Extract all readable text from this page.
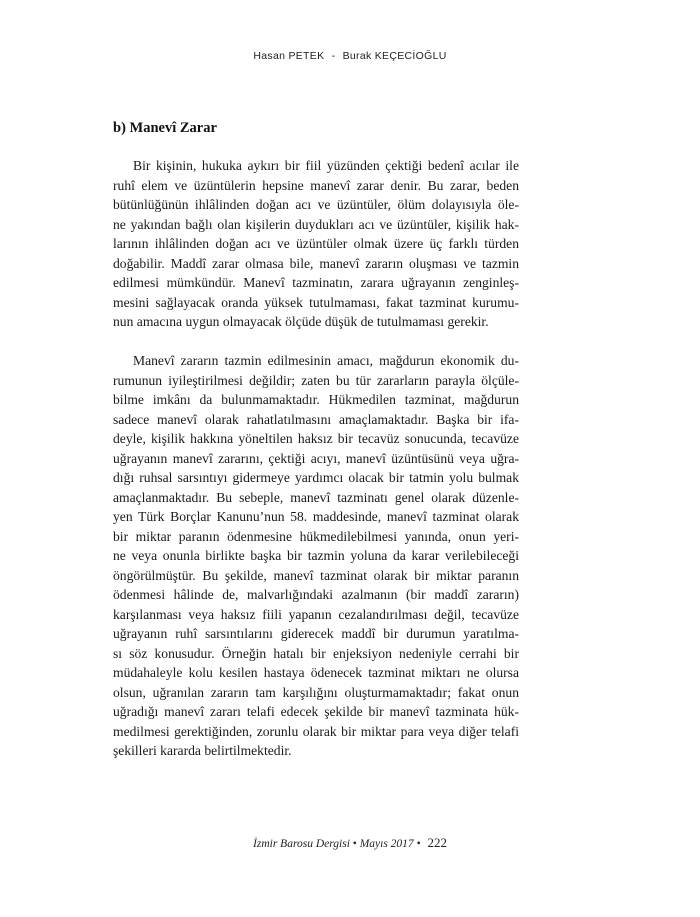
Hasan PETEK - Burak KEÇECİOĞLU
b) Manevî Zarar
Bir kişinin, hukuka aykırı bir fiil yüzünden çektiği bedenî acılar ile
ruhî elem ve üzüntülerin hepsine manevî zarar denir. Bu zarar, beden
bütünlüğünün ihlâlinden doğan acı ve üzüntüler, ölüm dolayısıyla öle-
ne yakından bağlı olan kişilerin duydukları acı ve üzüntüler, kişilik hak-
larının ihlâlinden doğan acı ve üzüntüler olmak üzere üç farklı türden
doğabilir. Maddî zarar olmasa bile, manevî zararın oluşması ve tazmin
edilmesi mümkündür. Manevî tazminatın, zarara uğrayanın zenginleş-
mesini sağlayacak oranda yüksek tutulmaması, fakat tazminat kurumu-
nun amacına uygun olmayacak ölçüde düşük de tutulmaması gerekir.
Manevî zararın tazmin edilmesinin amacı, mağdurun ekonomik du-
rumunun iyileştirilmesi değildir; zaten bu tür zararların parayla ölçüle-
bilme imkânı da bulunmamaktadır. Hükmedilen tazminat, mağdurun
sadece manevî olarak rahatlatılmasını amaçlamaktadır. Başka bir ifa-
deyle, kişilik hakkına yöneltilen haksız bir tecavüz sonucunda, tecavüze
uğrayanın manevî zararını, çektiği acıyı, manevî üzüntüsünü veya uğra-
dığı ruhsal sarsıntıyı gidermeye yardımcı olacak bir tatmin yolu bulmak
amaçlanmaktadır. Bu sebeple, manevî tazminatı genel olarak düzenle-
yen Türk Borçlar Kanunu’nun 58. maddesinde, manevî tazminat olarak
bir miktar paranın ödenmesine hükmedilebilmesi yanında, onun yeri-
ne veya onunla birlikte başka bir tazmin yoluna da karar verilebileceği
öngörülmüştür. Bu şekilde, manevî tazminat olarak bir miktar paranın
ödenmesi hâlinde de, malvarlığındaki azalmanın (bir maddî zararın)
karşılanması veya haksız fiili yapanın cezalandırılması değil, tecavüze
uğrayanın ruhî sarsıntılarını giderecek maddî bir durumun yaratılma-
sı söz konusudur. Örneğin hatalı bir enjeksiyon nedeniyle cerrahi bir
müdahaleyle kolu kesilen hastaya ödenecek tazminat miktarı ne olursa
olsun, uğranılan zararın tam karşılığını oluşturmamaktadır; fakat onun
uğradığı manevî zararı telafi edecek şekilde bir manevî tazminata hük-
medilmesi gerektiğinden, zorunlu olarak bir miktar para veya diğer telafi
şekilleri kararda belirtilmektedir.
İzmir Barosu Dergisi • Mayıs 2017 • 222
